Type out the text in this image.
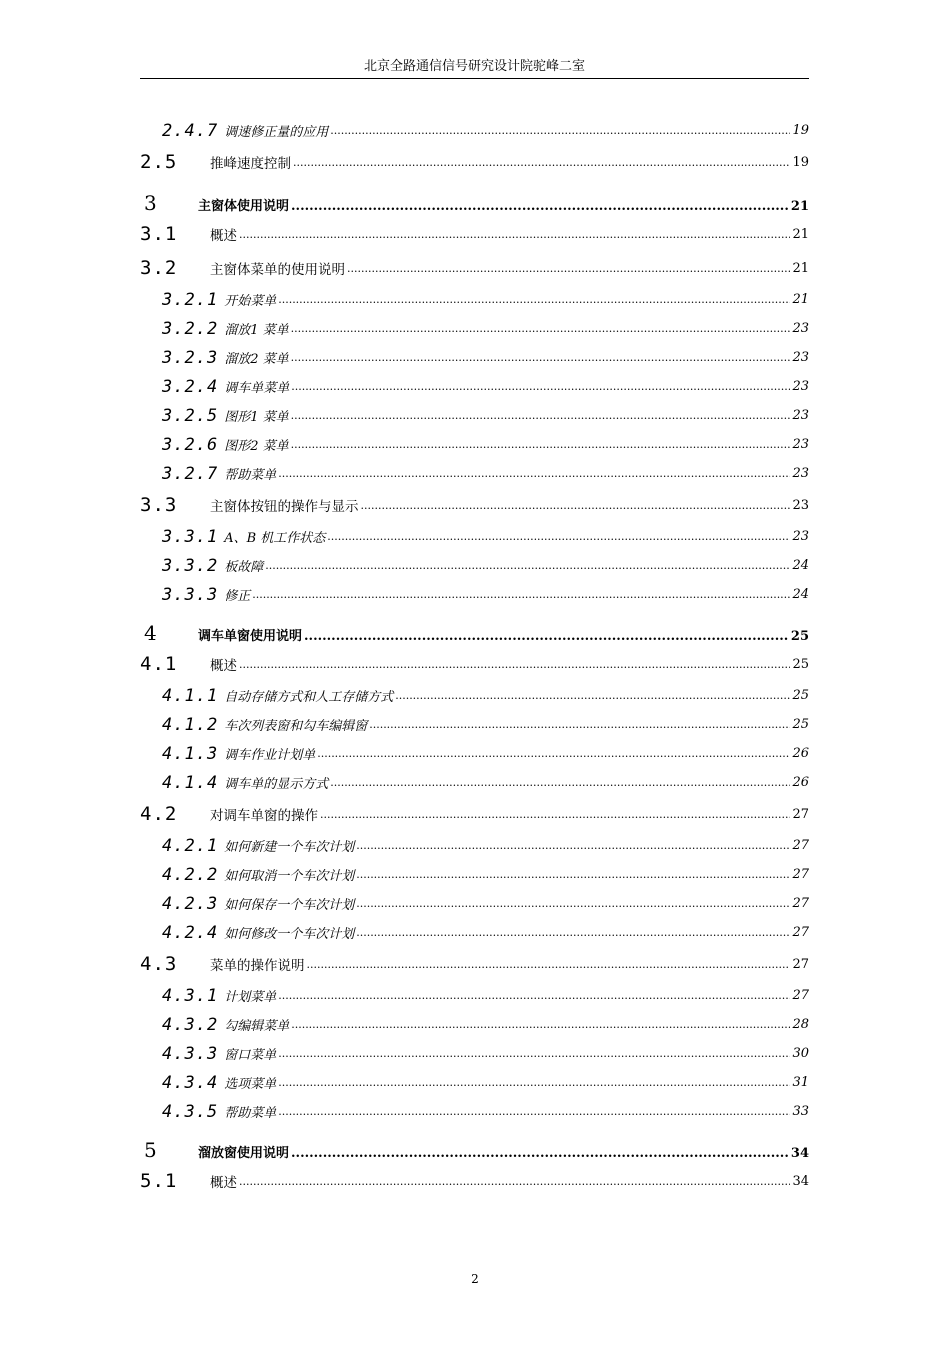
北京全路通信信号研究设计院驼峰二室
2.4.7 调速修正量的应用 .....	19
2.5	推峰速度控制 .....	19
3	主窗体使用说明 .....	21
3.1	概述 .....	21
3.2	主窗体菜单的使用说明 .....	21
3.2.1 开始菜单 .....	21
3.2.2 溜放1 菜单 .....	23
3.2.3 溜放2 菜单 .....	23
3.2.4 调车单菜单 .....	23
3.2.5 图形1 菜单 .....	23
3.2.6 图形2 菜单 .....	23
3.2.7 帮助菜单 .....	23
3.3	主窗体按钮的操作与显示 .....	23
3.3.1 A、B 机工作状态 .....	23
3.3.2 板故障 .....	24
3.3.3 修正 .....	24
4	调车单窗使用说明 .....	25
4.1	概述 .....	25
4.1.1 自动存储方式和人工存储方式 .....	25
4.1.2 车次列表窗和勾车编辑窗 .....	25
4.1.3 调车作业计划单 .....	26
4.1.4 调车单的显示方式 .....	26
4.2	对调车单窗的操作 .....	27
4.2.1 如何新建一个车次计划 .....	27
4.2.2 如何取消一个车次计划 .....	27
4.2.3 如何保存一个车次计划 .....	27
4.2.4 如何修改一个车次计划 .....	27
4.3	菜单的操作说明 .....	27
4.3.1 计划菜单 .....	27
4.3.2 勾编辑菜单 .....	28
4.3.3 窗口菜单 .....	30
4.3.4 选项菜单 .....	31
4.3.5 帮助菜单 .....	33
5	溜放窗使用说明 .....	34
5.1	概述 .....	34
2
